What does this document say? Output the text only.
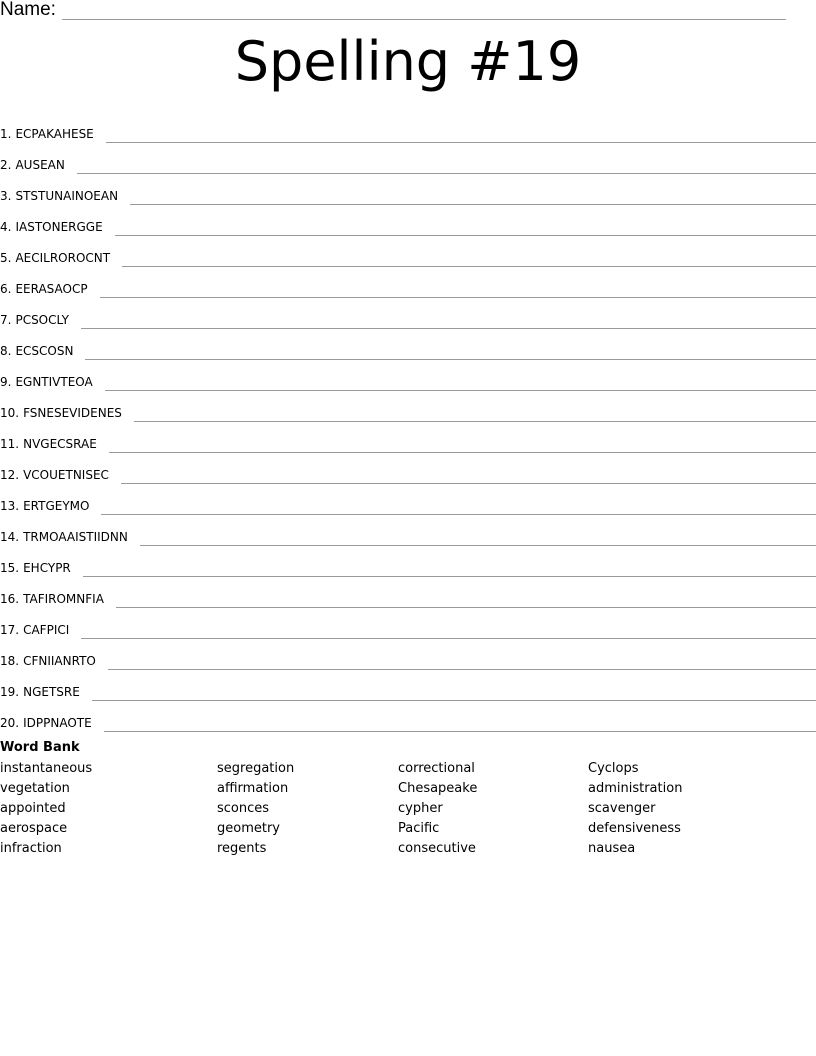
Name:
Spelling #19
1. ECPAKAHESE
2. AUSEAN
3. STSTUNAINOEAN
4. IASTONERGGE
5. AECILROROCNT
6. EERASAOCP
7. PCSOCLY
8. ECSCOSN
9. EGNTIVTEOA
10. FSNESEVIDENES
11. NVGECSRAE
12. VCOUETNISEC
13. ERTGEYMO
14. TRMOAAISTIIDNN
15. EHCYPR
16. TAFIROMNFIA
17. CAFPICI
18. CFNIIANRTO
19. NGETSRE
20. IDPPNAOTE
Word Bank
instantaneous
vegetation
appointed
aerospace
infraction
segregation
affirmation
sconces
geometry
regents
correctional
Chesapeake
cypher
Pacific
consecutive
Cyclops
administration
scavenger
defensiveness
nausea
